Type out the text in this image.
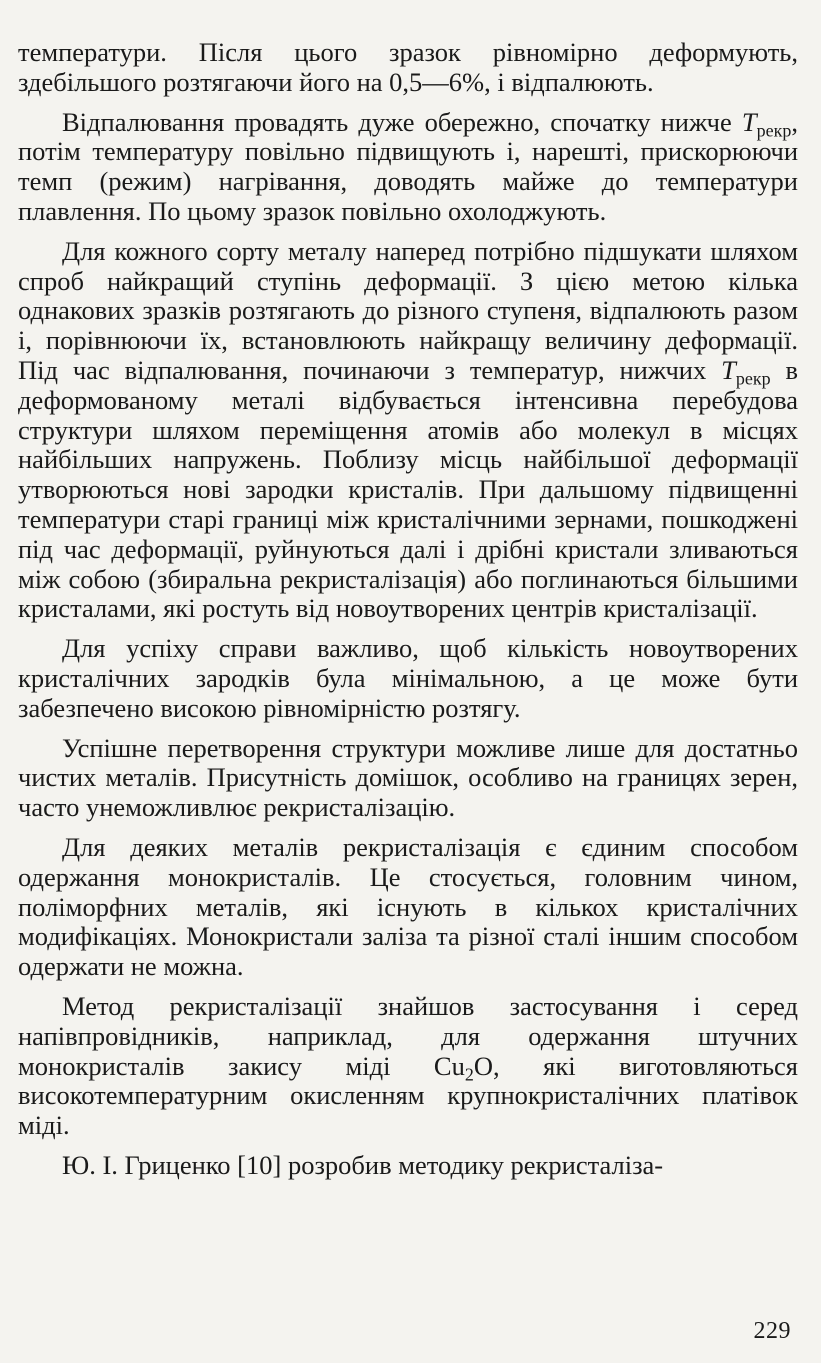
температури. Після цього зразок рівномірно деформують, здебільшого розтягаючи його на 0,5—6%, і відпалюють.

Відпалювання провадять дуже обережно, спочатку нижче $T_{рекр}$, потім температуру повільно підвищують і, нарешті, прискорюючи темп (режим) нагрівання, доводять майже до температури плавлення. По цьому зразок повільно охолоджують.

Для кожного сорту металу наперед потрібно підшукати шляхом спроб найкращий ступінь деформації. З цією метою кілька однакових зразків розтягають до різного ступеня, відпалюють разом і, порівнюючи їх, встановлюють найкращу величину деформації. Під час відпалювання, починаючи з температур, нижчих $T_{рекр}$ в деформованому металі відбувається інтенсивна перебудова структури шляхом переміщення атомів або молекул в місцях найбільших напружень. Поблизу місць найбільшої деформації утворюються нові зародки кристалів. При дальшому підвищенні температури старі границі між кристалічними зернами, пошкоджені під час деформації, руйнуються далі і дрібні кристали зливаються між собою (збиральна рекристалізація) або поглинаються більшими кристалами, які ростуть від новоутворених центрів кристалізації.

Для успіху справи важливо, щоб кількість новоутворених кристалічних зародків була мінімальною, а це може бути забезпечено високою рівномірністю розтягу.

Успішне перетворення структури можливе лише для достатньо чистих металів. Присутність домішок, особливо на границях зерен, часто унеможливлює рекристалізацію.

Для деяких металів рекристалізація є єдиним способом одержання монокристалів. Це стосується, головним чином, поліморфних металів, які існують в кількох кристалічних модифікаціях. Монокристали заліза та різної сталі іншим способом одержати не можна.

Метод рекристалізації знайшов застосування і серед напівпровідників, наприклад, для одержання штучних монокристалів закису міді $Cu_2O$, які виготовляються високотемпературним окисленням крупнокристалічних платівок міді.

Ю. І. Гриценко [10] розробив методику рекристаліза-

229
